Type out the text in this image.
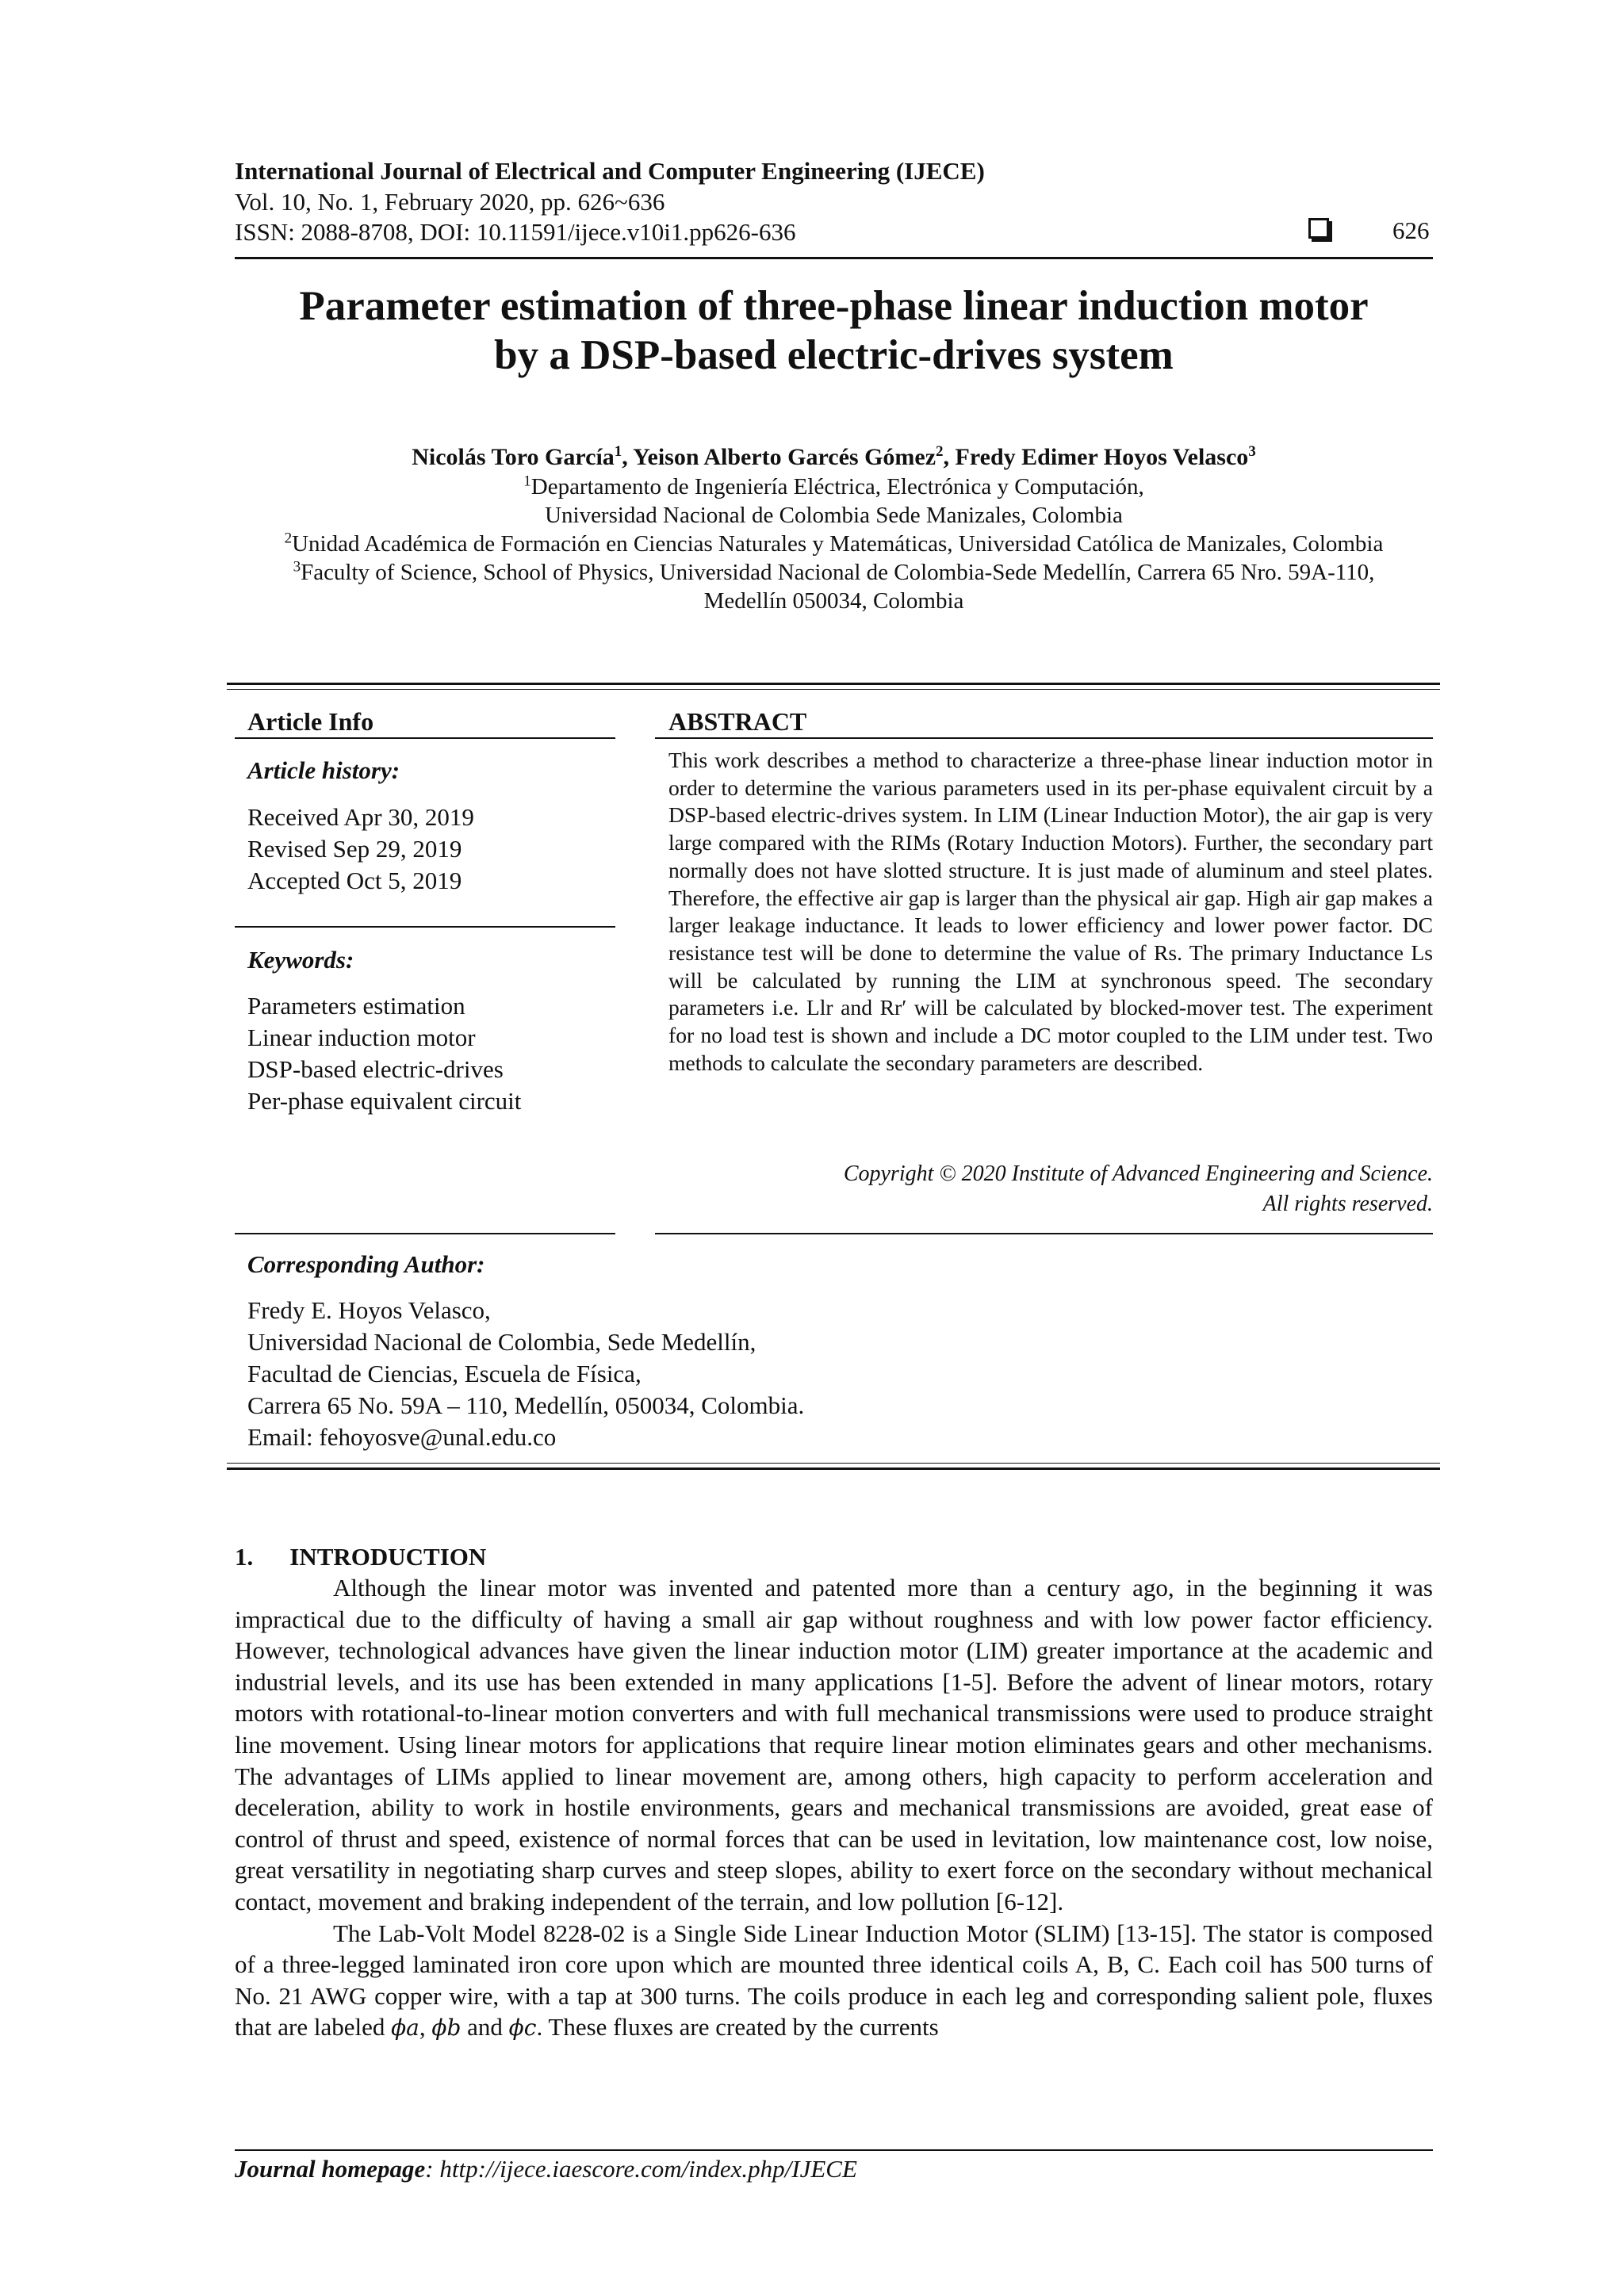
International Journal of Electrical and Computer Engineering (IJECE)
Vol. 10, No. 1, February 2020, pp. 626~636
ISSN: 2088-8708, DOI: 10.11591/ijece.v10i1.pp626-636	626
Parameter estimation of three-phase linear induction motor
by a DSP-based electric-drives system
Nicolás Toro García$^1$, Yeison Alberto Garcés Gómez$^2$, Fredy Edimer Hoyos Velasco$^3$
$^1$Departamento de Ingeniería Eléctrica, Electrónica y Computación,
Universidad Nacional de Colombia Sede Manizales, Colombia
$^2$Unidad Académica de Formación en Ciencias Naturales y Matemáticas, Universidad Católica de Manizales, Colombia
$^3$Faculty of Science, School of Physics, Universidad Nacional de Colombia-Sede Medellín, Carrera 65 Nro. 59A-110,
Medellín 050034, Colombia
Article Info
Article history:
Received Apr 30, 2019
Revised Sep 29, 2019
Accepted Oct 5, 2019
Keywords:
Parameters estimation
Linear induction motor
DSP-based electric-drives
Per-phase equivalent circuit
ABSTRACT
This work describes a method to characterize a three-phase linear induction motor in order to determine the various parameters used in its per-phase equivalent circuit by a DSP-based electric-drives system. In LIM (Linear Induction Motor), the air gap is very large compared with the RIMs (Rotary Induction Motors). Further, the secondary part normally does not have slotted structure. It is just made of aluminum and steel plates. Therefore, the effective air gap is larger than the physical air gap. High air gap makes a larger leakage inductance. It leads to lower efficiency and lower power factor. DC resistance test will be done to determine the value of Rs. The primary Inductance Ls will be calculated by running the LIM at synchronous speed. The secondary parameters i.e. Llr and Rr′ will be calculated by blocked-mover test. The experiment for no load test is shown and include a DC motor coupled to the LIM under test. Two methods to calculate the secondary parameters are described.
Copyright © 2020 Institute of Advanced Engineering and Science.
All rights reserved.
Corresponding Author:
Fredy E. Hoyos Velasco,
Universidad Nacional de Colombia, Sede Medellín,
Facultad de Ciencias, Escuela de Física,
Carrera 65 No. 59A – 110, Medellín, 050034, Colombia.
Email: fehoyosve@unal.edu.co
1. INTRODUCTION

Although the linear motor was invented and patented more than a century ago, in the beginning it was impractical due to the difficulty of having a small air gap without roughness and with low power factor efficiency. However, technological advances have given the linear induction motor (LIM) greater importance at the academic and industrial levels, and its use has been extended in many applications [1-5]. Before the advent of linear motors, rotary motors with rotational-to-linear motion converters and with full mechanical transmissions were used to produce straight line movement. Using linear motors for applications that require linear motion eliminates gears and other mechanisms. The advantages of LIMs applied to linear movement are, among others, high capacity to perform acceleration and deceleration, ability to work in hostile environments, gears and mechanical transmissions are avoided, great ease of control of thrust and speed, existence of normal forces that can be used in levitation, low maintenance cost, low noise, great versatility in negotiating sharp curves and steep slopes, ability to exert force on the secondary without mechanical contact, movement and braking independent of the terrain, and low pollution [6-12].

The Lab-Volt Model 8228-02 is a Single Side Linear Induction Motor (SLIM) [13-15]. The stator is composed of a three-legged laminated iron core upon which are mounted three identical coils A, B, C. Each coil has 500 turns of No. 21 AWG copper wire, with a tap at 300 turns. The coils produce in each leg and corresponding salient pole, fluxes that are labeled ϕa, ϕb and ϕc. These fluxes are created by the currents

Journal homepage: http://ijece.iaescore.com/index.php/IJECE
